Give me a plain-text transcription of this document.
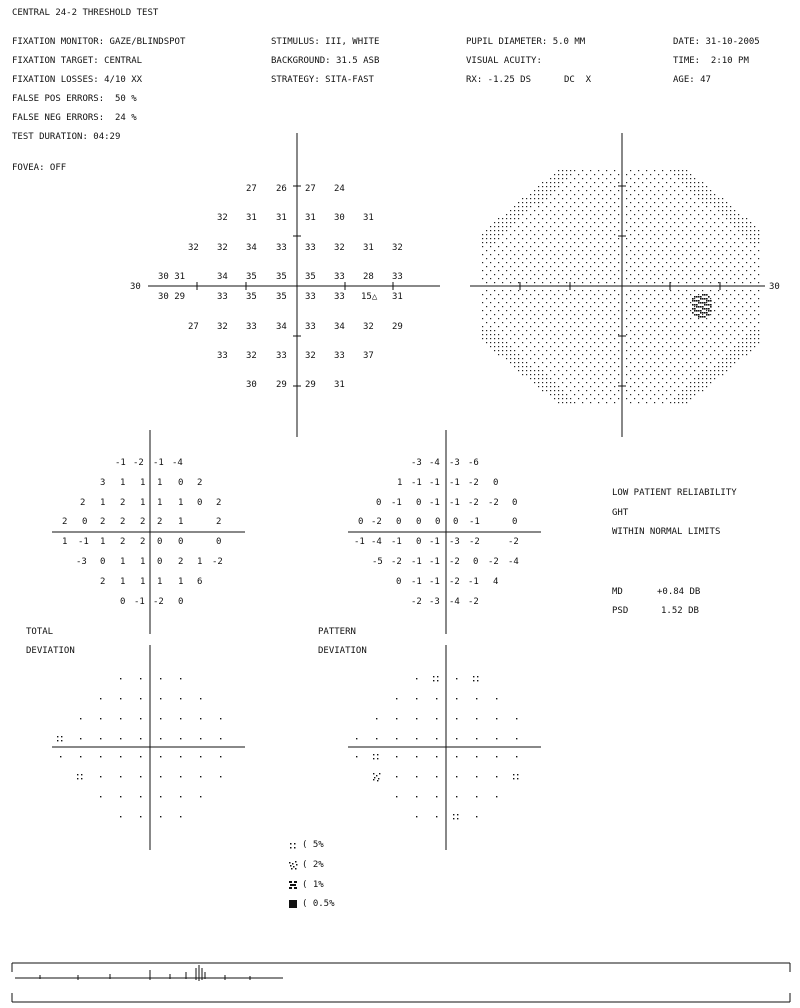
CENTRAL 24-2 THRESHOLD TEST
FIXATION MONITOR: GAZE/BLINDSPOT
FIXATION TARGET: CENTRAL
FIXATION LOSSES: 4/10 XX
FALSE POS ERRORS:  50 %
FALSE NEG ERRORS:  24 %
TEST DURATION: 04:29
FOVEA: OFF
STIMULUS: III, WHITE
BACKGROUND: 31.5 ASB
STRATEGY: SITA-FAST
PUPIL DIAMETER: 5.0 MM
VISUAL ACUITY:
RX: -1.25 DS	DC  X
DATE: 31-10-2005
TIME:  2:10 PM
AGE: 47
30	30
27 26 27 24
32 31 31 31 30 31
32 32 34 33 33 32 31 32
30 31	34 35 35 35 33 28 33
30 29	33 35 35 33 33 15△ 31
27 32 33 34 33 34 32 29
33 32 33 32 33 37
30 29 29 31
-1 -2 -1 -4
3 1 1 1 0 2
2 1 2 1 1 1 0 2
2 0 2 2 2 2 1	2
1 -1 1 2 2 0 0	0
-3 0 1 1 0 2 1 -2
2 1 1 1 1 6
0 -1 -2 0
TOTAL
DEVIATION
-3 -4 -3 -6
1 -1 -1 -1 -2 0
0 -1 0 -1 -1 -2 -2 0
0 -2 0 0 0 0 -1	0
-1 -4 -1 0 -1 -3 -2	-2
-5 -2 -1 -1 -2 0 -2 -4
0 -1 -1 -2 -1 4
-2 -3 -4 -2
PATTERN
DEVIATION
LOW PATIENT RELIABILITY
GHT
WITHIN NORMAL LIMITS
MD	+0.84 DB
PSD	1.52 DB
( 5%
( 2%
( 1%
( 0.5%
